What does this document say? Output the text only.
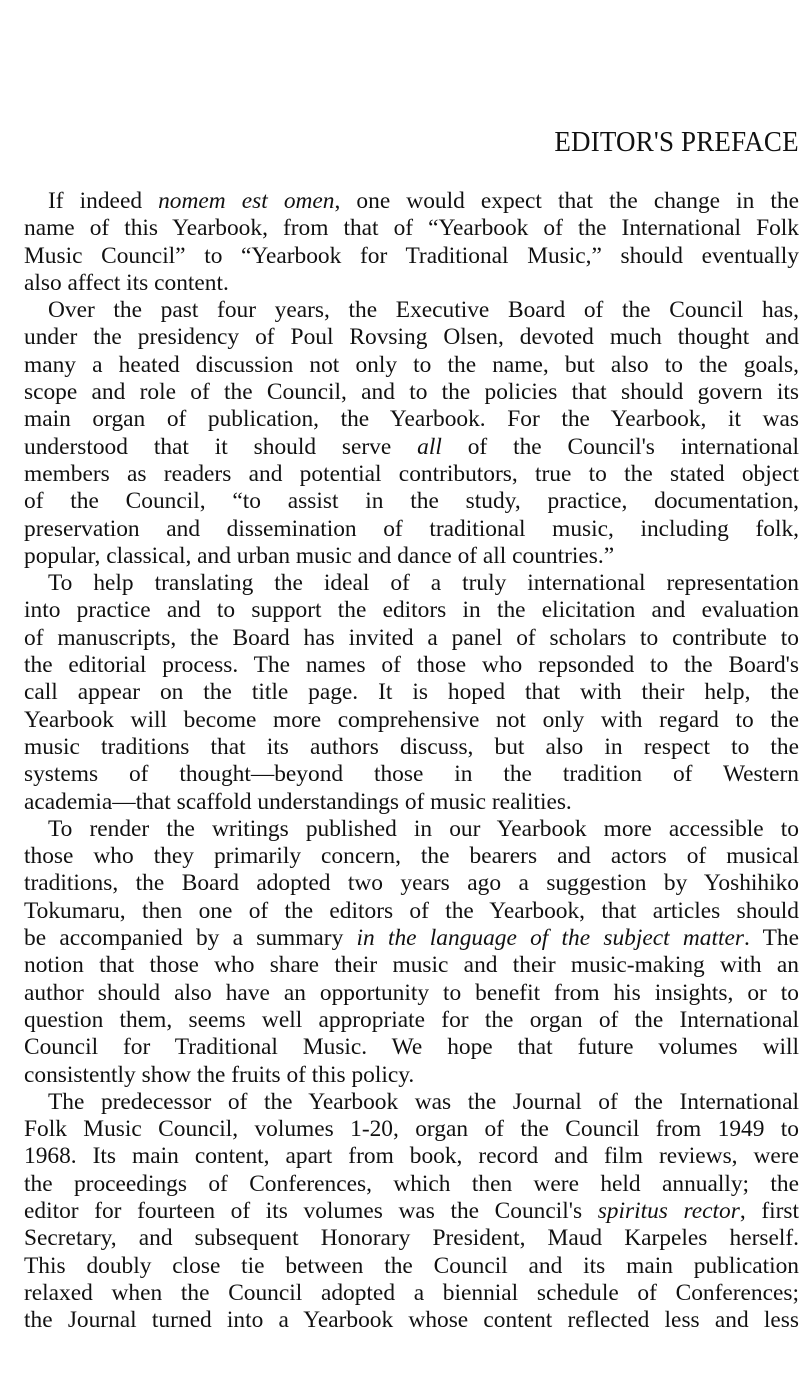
EDITOR'S PREFACE
If indeed nomem est omen, one would expect that the change in the
name of this Yearbook, from that of “Yearbook of the International Folk
Music Council” to “Yearbook for Traditional Music,” should eventually
also affect its content.
Over the past four years, the Executive Board of the Council has,
under the presidency of Poul Rovsing Olsen, devoted much thought and
many a heated discussion not only to the name, but also to the goals,
scope and role of the Council, and to the policies that should govern its
main organ of publication, the Yearbook. For the Yearbook, it was
understood that it should serve all of the Council's international
members as readers and potential contributors, true to the stated object
of the Council, “to assist in the study, practice, documentation,
preservation and dissemination of traditional music, including folk,
popular, classical, and urban music and dance of all countries.”
To help translating the ideal of a truly international representation
into practice and to support the editors in the elicitation and evaluation
of manuscripts, the Board has invited a panel of scholars to contribute to
the editorial process. The names of those who repsonded to the Board's
call appear on the title page. It is hoped that with their help, the
Yearbook will become more comprehensive not only with regard to the
music traditions that its authors discuss, but also in respect to the
systems of thought—beyond those in the tradition of Western
academia—that scaffold understandings of music realities.
To render the writings published in our Yearbook more accessible to
those who they primarily concern, the bearers and actors of musical
traditions, the Board adopted two years ago a suggestion by Yoshihiko
Tokumaru, then one of the editors of the Yearbook, that articles should
be accompanied by a summary in the language of the subject matter. The
notion that those who share their music and their music-making with an
author should also have an opportunity to benefit from his insights, or to
question them, seems well appropriate for the organ of the International
Council for Traditional Music. We hope that future volumes will
consistently show the fruits of this policy.
The predecessor of the Yearbook was the Journal of the International
Folk Music Council, volumes 1-20, organ of the Council from 1949 to
1968. Its main content, apart from book, record and film reviews, were
the proceedings of Conferences, which then were held annually; the
editor for fourteen of its volumes was the Council's spiritus rector, first
Secretary, and subsequent Honorary President, Maud Karpeles herself.
This doubly close tie between the Council and its main publication
relaxed when the Council adopted a biennial schedule of Conferences;
the Journal turned into a Yearbook whose content reflected less and less
